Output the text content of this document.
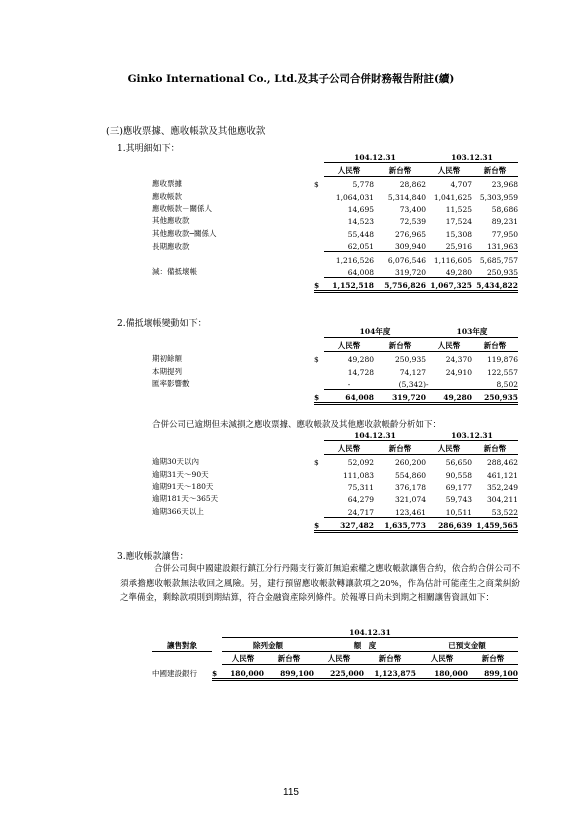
Ginko International Co., Ltd.及其子公司合併財務報告附註(續)
(三)應收票據、應收帳款及其他應收款
1.其明細如下：
		104.12.31		103.12.31	
		人民幣	新台幣	人民幣	新台幣
應收票據	$	5,778	28,862	4,707	23,968
應收帳款		1,064,031	5,314,840	1,041,625	5,303,959
應收帳款－關係人		14,695	73,400	11,525	58,686
其他應收款		14,523	72,539	17,524	89,231
其他應收款─關係人		55,448	276,965	15,308	77,950
長期應收款		62,051	309,940	25,916	131,963
		1,216,526	6,076,546	1,116,605	5,685,757
減：備抵壞帳		64,008	319,720	49,280	250,935
	$	1,152,518	5,756,826	1,067,325	5,434,822
2.備抵壞帳變動如下：
		104年度		103年度	
		人民幣	新台幣	人民幣	新台幣
期初餘額	$	49,280	250,935	24,370	119,876
本期提列		14,728	74,127	24,910	122,557
匯率影響數		-	(5,342)	-	8,502
	$	64,008	319,720	49,280	250,935
合併公司已逾期但未減損之應收票據、應收帳款及其他應收款帳齡分析如下：
		104.12.31		103.12.31	
		人民幣	新台幣	人民幣	新台幣
逾期30天以內	$	52,092	260,200	56,650	288,462
逾期31天～90天		111,083	554,860	90,558	461,121
逾期91天～180天		75,311	376,178	69,177	352,249
逾期181天～365天		64,279	321,074	59,743	304,211
逾期366天以上		24,717	123,461	10,511	53,522
	$	327,482	1,635,773	286,639	1,459,565
3.應收帳款讓售：
合併公司與中國建設銀行鎮江分行丹陽支行簽訂無追索權之應收帳款讓售合約，依合約合併公司不須承擔應收帳款無法收回之風險。另，建行預留應收帳款轉讓款項之20%，作為估計可能產生之商業糾紛之準備金，剩餘款項則到期結算，符合金融資產除列條件。於報導日尚未到期之相關讓售資訊如下：
		104.12.31					
讓售對象		除列金額		額　度		已預支金額	
		人民幣	新台幣	人民幣	新台幣	人民幣	新台幣
中國建設銀行	$	180,000	899,100	225,000	1,123,875	180,000	899,100
115
